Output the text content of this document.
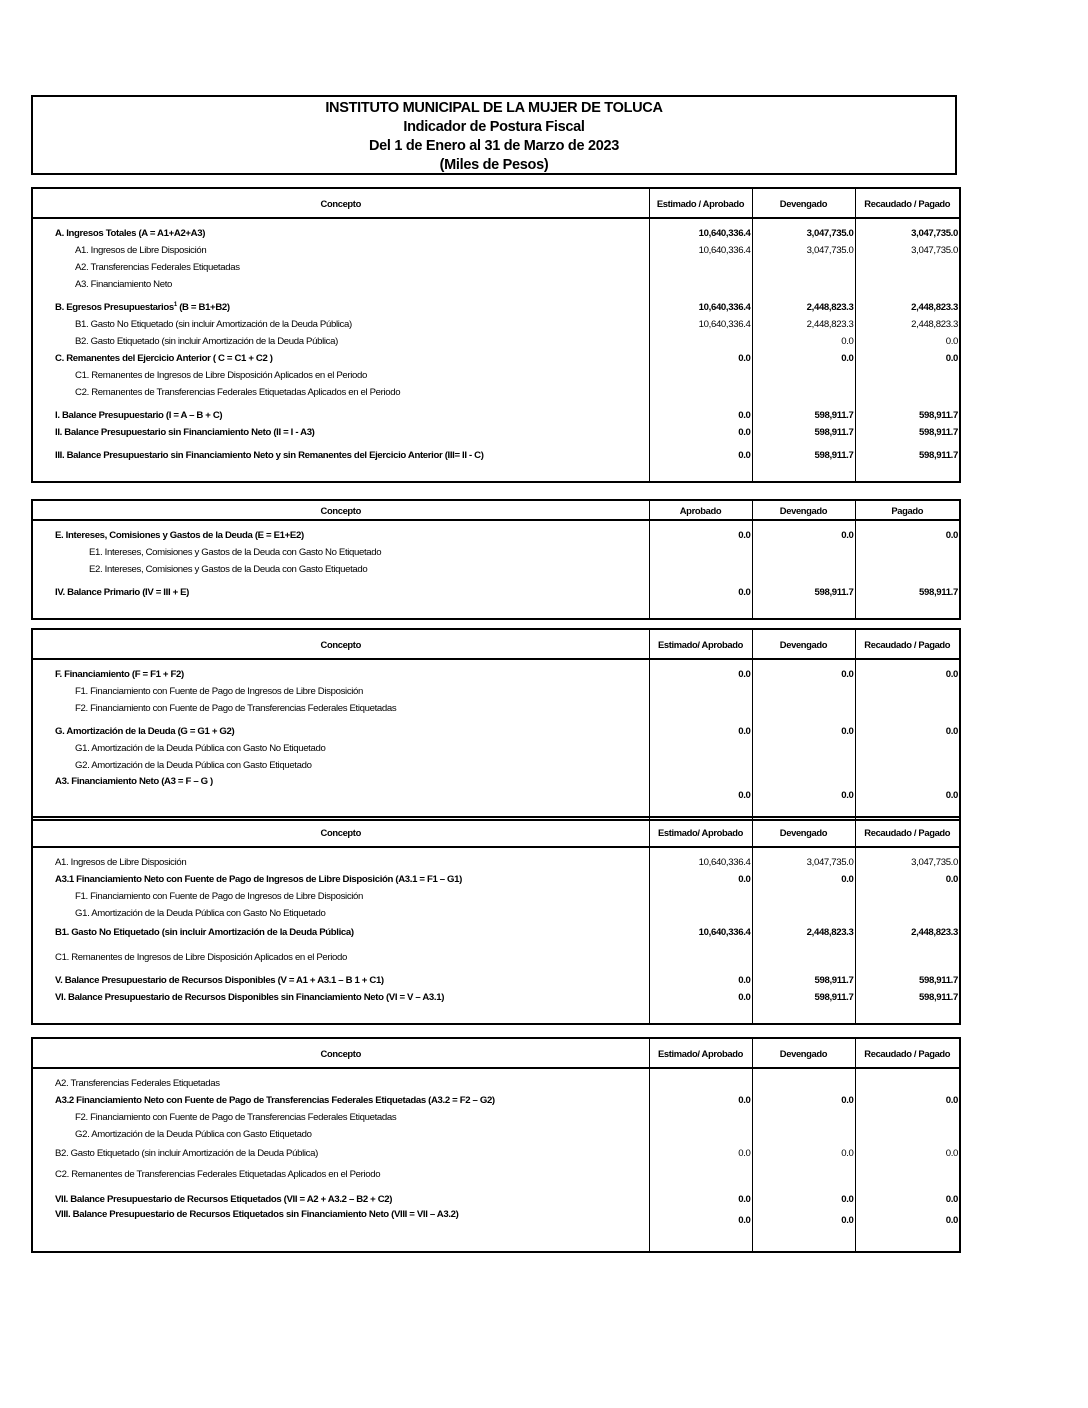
INSTITUTO MUNICIPAL DE LA MUJER DE TOLUCA
Indicador de Postura Fiscal
Del 1 de Enero al 31 de Marzo de 2023
(Miles de Pesos)
Concepto	Estimado / Aprobado	Devengado	Recaudado / Pagado

A. Ingresos Totales (A = A1+A2+A3)	10,640,336.4	3,047,735.0	3,047,735.0
A1. Ingresos de Libre Disposición	10,640,336.4	3,047,735.0	3,047,735.0
A2. Transferencias Federales Etiquetadas			
A3. Financiamiento Neto			

B. Egresos Presupuestarios$^1$ (B = B1+B2)	10,640,336.4	2,448,823.3	2,448,823.3
B1. Gasto No Etiquetado (sin incluir Amortización de la Deuda Pública)	10,640,336.4	2,448,823.3	2,448,823.3
B2. Gasto Etiquetado (sin incluir Amortización de la Deuda Pública)		0.0	0.0
C. Remanentes del Ejercicio Anterior ( C = C1 + C2 )	0.0	0.0	0.0
C1. Remanentes de Ingresos de Libre Disposición Aplicados en el Periodo			
C2. Remanentes de Transferencias Federales Etiquetadas Aplicados en el Periodo			

I. Balance Presupuestario (I = A – B + C)	0.0	598,911.7	598,911.7
II. Balance Presupuestario sin Financiamiento Neto (II = I - A3)	0.0	598,911.7	598,911.7

III. Balance Presupuestario sin Financiamiento Neto y sin Remanentes del Ejercicio Anterior (III= II - C)	0.0	598,911.7	598,911.7

Concepto	Aprobado	Devengado	Pagado

E. Intereses, Comisiones y Gastos de la Deuda (E = E1+E2)	0.0	0.0	0.0
E1. Intereses, Comisiones y Gastos de la Deuda con Gasto No Etiquetado			
E2. Intereses, Comisiones y Gastos de la Deuda con Gasto Etiquetado			

IV. Balance Primario (IV = III + E)	0.0	598,911.7	598,911.7

Concepto	Estimado/ Aprobado	Devengado	Recaudado / Pagado

F. Financiamiento (F = F1 + F2)	0.0	0.0	0.0
F1. Financiamiento con Fuente de Pago de Ingresos de Libre Disposición			
F2. Financiamiento con Fuente de Pago de Transferencias Federales Etiquetadas			

G. Amortización de la Deuda (G = G1 + G2)	0.0	0.0	0.0
G1. Amortización de la Deuda Pública con Gasto No Etiquetado			
G2. Amortización de la Deuda Pública con Gasto Etiquetado			
A3. Financiamiento Neto (A3 = F – G )	0.0	0.0	0.0

Concepto	Estimado/ Aprobado	Devengado	Recaudado / Pagado

A1. Ingresos de Libre Disposición	10,640,336.4	3,047,735.0	3,047,735.0
A3.1 Financiamiento Neto con Fuente de Pago de Ingresos de Libre Disposición (A3.1 = F1 – G1)	0.0	0.0	0.0
F1. Financiamiento con Fuente de Pago de Ingresos de Libre Disposición			
G1. Amortización de la Deuda Pública con Gasto No Etiquetado			
B1. Gasto No Etiquetado (sin incluir Amortización de la Deuda Pública)	10,640,336.4	2,448,823.3	2,448,823.3
C1. Remanentes de Ingresos de Libre Disposición Aplicados en el Periodo			
V. Balance Presupuestario de Recursos Disponibles (V = A1 + A3.1 – B 1 + C1)	0.0	598,911.7	598,911.7
VI. Balance Presupuestario de Recursos Disponibles sin Financiamiento Neto (VI = V – A3.1)	0.0	598,911.7	598,911.7

Concepto	Estimado/ Aprobado	Devengado	Recaudado / Pagado

A2. Transferencias Federales Etiquetadas			
A3.2 Financiamiento Neto con Fuente de Pago de Transferencias Federales Etiquetadas (A3.2 = F2 – G2)	0.0	0.0	0.0
F2. Financiamiento con Fuente de Pago de Transferencias Federales Etiquetadas			
G2. Amortización de la Deuda Pública con Gasto Etiquetado			
B2. Gasto Etiquetado (sin incluir Amortización de la Deuda Pública)	0.0	0.0	0.0
C2. Remanentes de Transferencias Federales Etiquetadas Aplicados en el Periodo			

VII. Balance Presupuestario de Recursos Etiquetados (VII = A2 + A3.2 – B2 + C2)	0.0	0.0	0.0
VIII. Balance Presupuestario de Recursos Etiquetados sin Financiamiento Neto (VIII = VII – A3.2)	0.0	0.0	0.0
